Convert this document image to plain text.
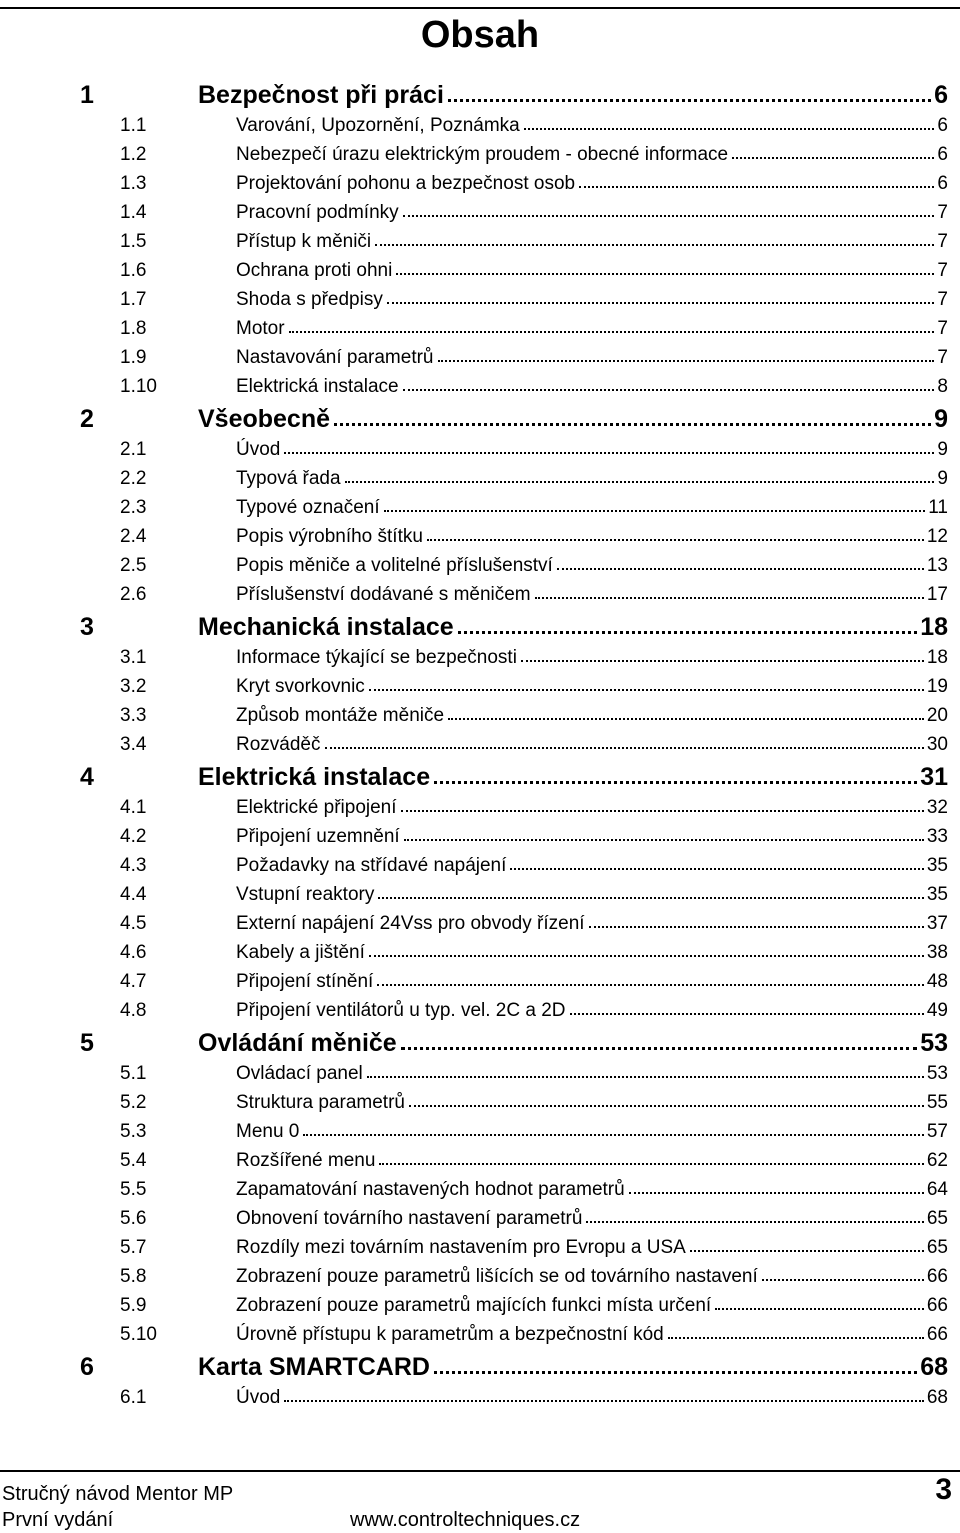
Obsah
1	Bezpečnost při práci	6
1.1	Varování, Upozornění, Poznámka	6
1.2	Nebezpečí úrazu elektrickým proudem - obecné informace	6
1.3	Projektování pohonu a bezpečnost osob	6
1.4	Pracovní podmínky	7
1.5	Přístup k měniči	7
1.6	Ochrana proti ohni	7
1.7	Shoda s předpisy	7
1.8	Motor	7
1.9	Nastavování parametrů	7
1.10	Elektrická instalace	8
2	Všeobecně	9
2.1	Úvod	9
2.2	Typová řada	9
2.3	Typové označení	11
2.4	Popis výrobního štítku	12
2.5	Popis měniče a volitelné příslušenství	13
2.6	Příslušenství dodávané s měničem	17
3	Mechanická instalace	18
3.1	Informace týkající se bezpečnosti	18
3.2	Kryt svorkovnic	19
3.3	Způsob montáže měniče	20
3.4	Rozváděč	30
4	Elektrická instalace	31
4.1	Elektrické připojení	32
4.2	Připojení uzemnění	33
4.3	Požadavky na střídavé napájení	35
4.4	Vstupní reaktory	35
4.5	Externí napájení 24Vss pro obvody řízení	37
4.6	Kabely a jištění	38
4.7	Připojení stínění	48
4.8	Připojení ventilátorů u typ. vel. 2C a 2D	49
5	Ovládání měniče	53
5.1	Ovládací panel	53
5.2	Struktura parametrů	55
5.3	Menu 0	57
5.4	Rozšířené menu	62
5.5	Zapamatování nastavených hodnot parametrů	64
5.6	Obnovení továrního nastavení parametrů	65
5.7	Rozdíly mezi továrním nastavením pro Evropu a USA	65
5.8	Zobrazení pouze parametrů lišících se od továrního nastavení	66
5.9	Zobrazení pouze parametrů majících funkci místa určení	66
5.10	Úrovně přístupu k parametrům a bezpečnostní kód	66
6	Karta SMARTCARD	68
6.1	Úvod	68
Stručný návod Mentor MP
První vydání	www.controltechniques.cz
3
